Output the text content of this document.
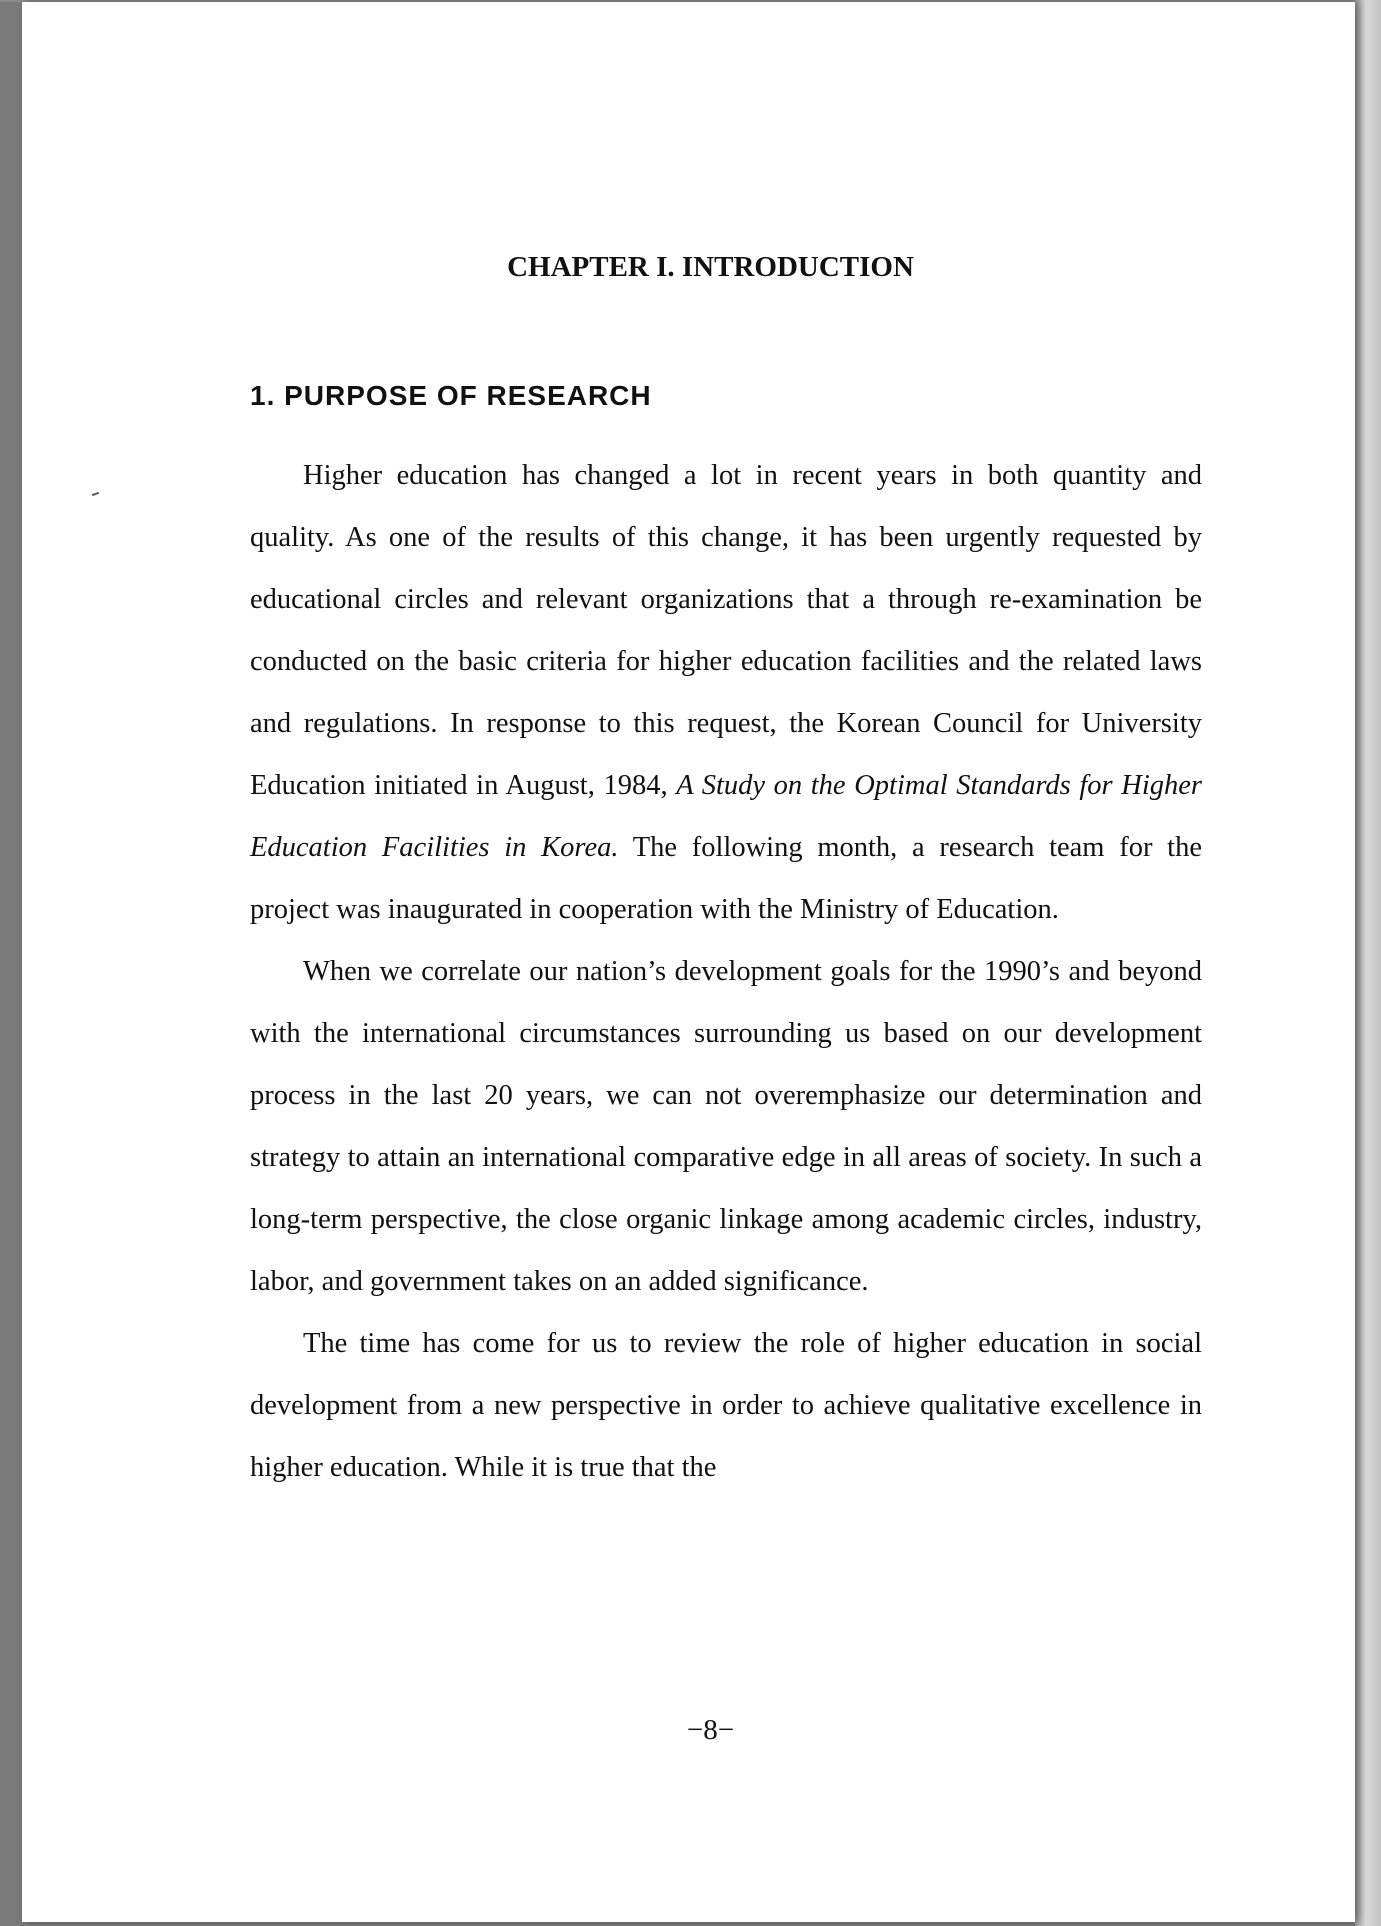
CHAPTER I. INTRODUCTION
1. PURPOSE OF RESEARCH

Higher education has changed a lot in recent years in both quantity and quality. As one of the results of this change, it has been urgently requested by educational circles and relevant organizations that a through re-examination be conducted on the basic criteria for higher education facilities and the related laws and regulations. In response to this request, the Korean Council for University Education initiated in August, 1984, A Study on the Optimal Standards for Higher Education Facilities in Korea. The following month, a research team for the project was inaugurated in cooperation with the Ministry of Education.

When we correlate our nation’s development goals for the 1990’s and beyond with the international circumstances surrounding us based on our development process in the last 20 years, we can not overemphasize our determination and strategy to attain an international comparative edge in all areas of society. In such a long-term perspective, the close organic linkage among academic circles, industry, labor, and government takes on an added significance.

The time has come for us to review the role of higher education in social development from a new perspective in order to achieve qualitative excellence in higher education. While it is true that the

−8−
